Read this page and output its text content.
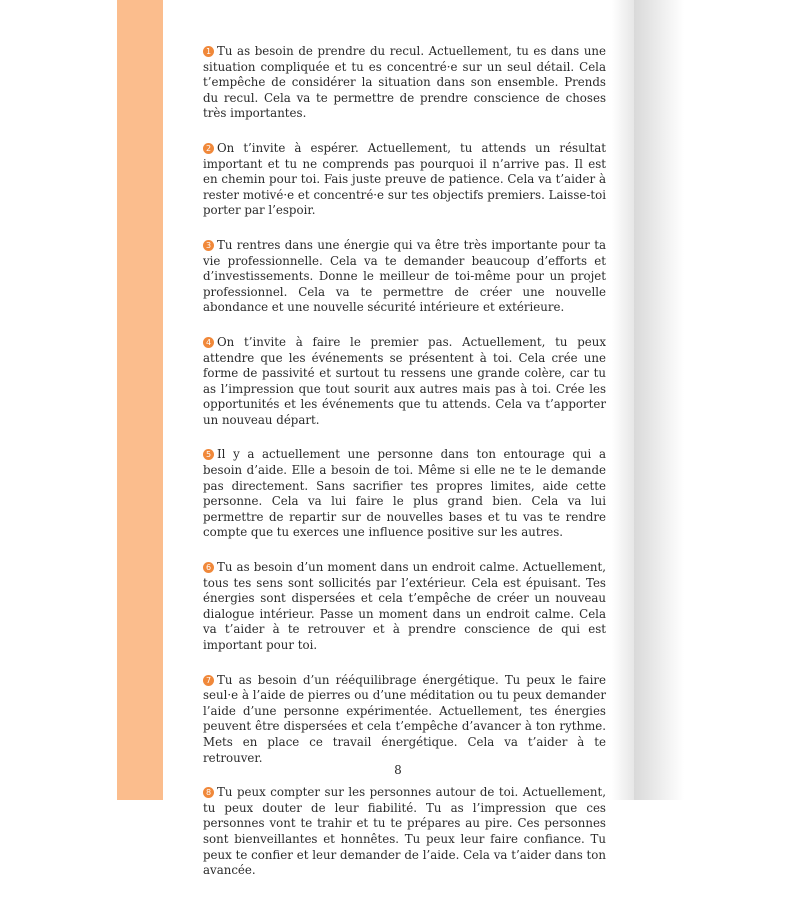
1 Tu as besoin de prendre du recul. Actuellement, tu es dans une situation compliquée et tu es concentré·e sur un seul détail. Cela t’empêche de considérer la situation dans son ensemble. Prends du recul. Cela va te permettre de prendre conscience de choses très importantes.

2 On t’invite à espérer. Actuellement, tu attends un résultat important et tu ne comprends pas pourquoi il n’arrive pas. Il est en chemin pour toi. Fais juste preuve de patience. Cela va t’aider à rester motivé·e et concentré·e sur tes objectifs premiers. Laisse-toi porter par l’espoir.

3 Tu rentres dans une énergie qui va être très importante pour ta vie professionnelle. Cela va te demander beaucoup d’efforts et d’investissements. Donne le meilleur de toi-même pour un projet professionnel. Cela va te permettre de créer une nouvelle abondance et une nouvelle sécurité intérieure et extérieure.

4 On t’invite à faire le premier pas. Actuellement, tu peux attendre que les événements se présentent à toi. Cela crée une forme de passivité et surtout tu ressens une grande colère, car tu as l’impression que tout sourit aux autres mais pas à toi. Crée les opportunités et les événements que tu attends. Cela va t’apporter un nouveau départ.

5 Il y a actuellement une personne dans ton entourage qui a besoin d’aide. Elle a besoin de toi. Même si elle ne te le demande pas directement. Sans sacrifier tes propres limites, aide cette personne. Cela va lui faire le plus grand bien. Cela va lui permettre de repartir sur de nouvelles bases et tu vas te rendre compte que tu exerces une influence positive sur les autres.

6 Tu as besoin d’un moment dans un endroit calme. Actuellement, tous tes sens sont sollicités par l’extérieur. Cela est épuisant. Tes énergies sont dispersées et cela t’empêche de créer un nouveau dialogue intérieur. Passe un moment dans un endroit calme. Cela va t’aider à te retrouver et à prendre conscience de qui est important pour toi.

7 Tu as besoin d’un rééquilibrage énergétique. Tu peux le faire seul·e à l’aide de pierres ou d’une méditation ou tu peux demander l’aide d’une personne expérimentée. Actuellement, tes énergies peuvent être dispersées et cela t’empêche d’avancer à ton rythme. Mets en place ce travail énergétique. Cela va t’aider à te retrouver.

8 Tu peux compter sur les personnes autour de toi. Actuellement, tu peux douter de leur fiabilité. Tu as l’impression que ces personnes vont te trahir et tu te prépares au pire. Ces personnes sont bienveillantes et honnêtes. Tu peux leur faire confiance. Tu peux te confier et leur demander de l’aide. Cela va t’aider dans ton avancée.

8
